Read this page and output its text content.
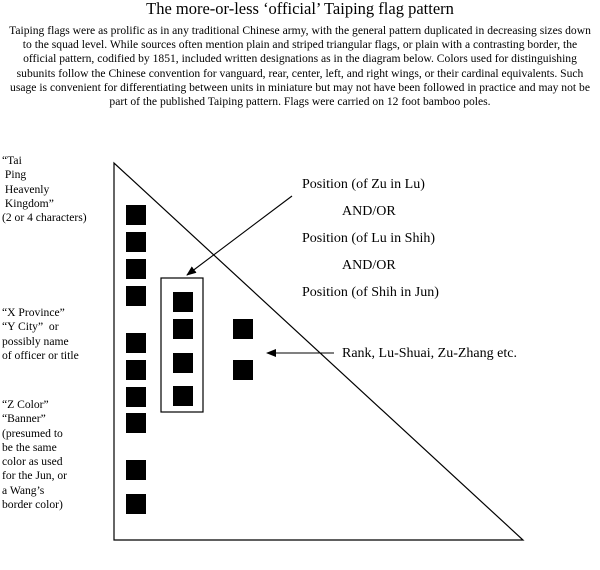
The more-or-less ‘official’ Taiping flag pattern
Taiping flags were as prolific as in any traditional Chinese army, with the general pattern duplicated in decreasing sizes down to the squad level. While sources often mention plain and striped triangular flags, or plain with a contrasting border, the official pattern, codified by 1851, included written designations as in the diagram below. Colors used for distinguishing subunits follow the Chinese convention for vanguard, rear, center, left, and right wings, or their cardinal equivalents. Such usage is convenient for differentiating between units in miniature but may not have been followed in practice and may not be part of the published Taiping pattern. Flags were carried on 12 foot bamboo poles.
“Tai
Ping
Heavenly
Kingdom”
(2 or 4 characters)
“X Province”
“Y City”  or
possibly name
of officer or title
“Z Color”
“Banner”
(presumed to
be the same
color as used
for the Jun, or
a Wang’s
border color)
Position (of Zu in Lu)
AND/OR
Position (of Lu in Shih)
AND/OR
Position (of Shih in Jun)
Rank, Lu-Shuai, Zu-Zhang etc.
